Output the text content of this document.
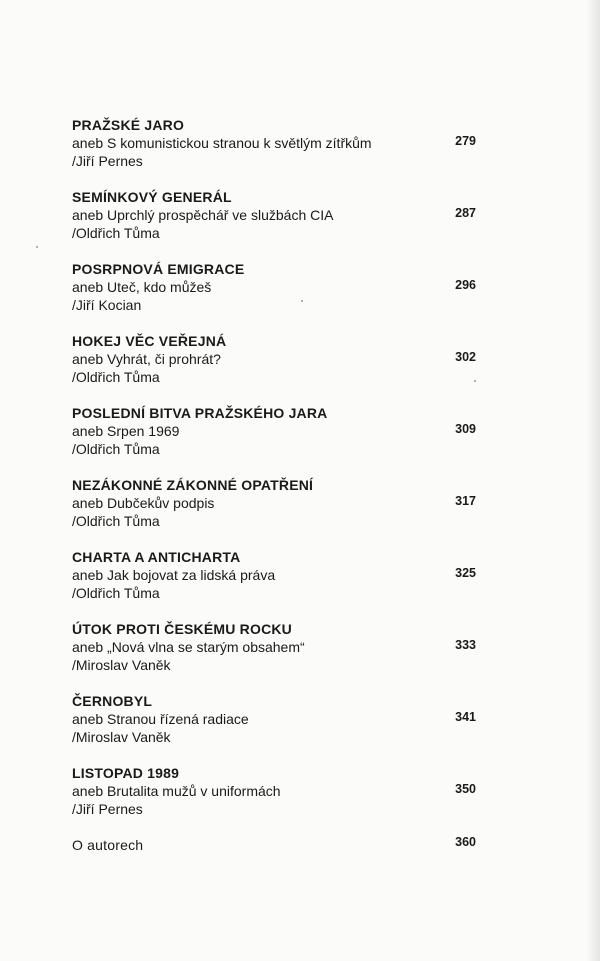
PRAŽSKÉ JARO
aneb S komunistickou stranou k světlým zítřkům
/Jiří Pernes
279
SEMÍNKOVÝ GENERÁL
aneb Uprchlý prospěchář ve službách CIA
/Oldřich Tůma
287
POSRPNOVÁ EMIGRACE
aneb Uteč, kdo můžeš
/Jiří Kocian
296
HOKEJ VĚC VEŘEJNÁ
aneb Vyhrát, či prohrát?
/Oldřich Tůma
302
POSLEDNÍ BITVA PRAŽSKÉHO JARA
aneb Srpen 1969
/Oldřich Tůma
309
NEZÁKONNÉ ZÁKONNÉ OPATŘENÍ
aneb Dubčekův podpis
/Oldřich Tůma
317
CHARTA A ANTICHARTA
aneb Jak bojovat za lidská práva
/Oldřich Tůma
325
ÚTOK PROTI ČESKÉMU ROCKU
aneb „Nová vlna se starým obsahem“
/Miroslav Vaněk
333
ČERNOBYL
aneb Stranou řízená radiace
/Miroslav Vaněk
341
LISTOPAD 1989
aneb Brutalita mužů v uniformách
/Jiří Pernes
350
O autorech	360
